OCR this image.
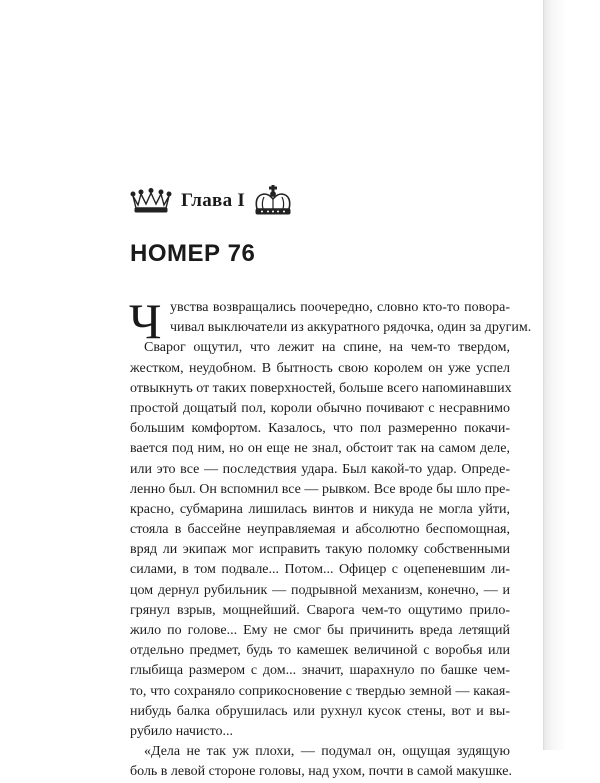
Глава I
НОМЕР 76
Ч увства возвращались поочередно, словно кто-то повора-
чивал выключатели из аккуратного рядочка, один за другим.
Сварог ощутил, что лежит на спине, на чем-то твердом,
жестком, неудобном. В бытность свою королем он уже успел
отвыкнуть от таких поверхностей, больше всего напоминавших
простой дощатый пол, короли обычно почивают с несравнимо
большим комфортом. Казалось, что пол размеренно покачи-
вается под ним, но он еще не знал, обстоит так на самом деле,
или это все — последствия удара. Был какой-то удар. Опреде-
ленно был. Он вспомнил все — рывком. Все вроде бы шло пре-
красно, субмарина лишилась винтов и никуда не могла уйти,
стояла в бассейне неуправляемая и абсолютно беспомощная,
вряд ли экипаж мог исправить такую поломку собственными
силами, в том подвале... Потом... Офицер с оцепеневшим ли-
цом дернул рубильник — подрывной механизм, конечно, — и
грянул взрыв, мощнейший. Сварога чем-то ощутимо прило-
жило по голове... Ему не смог бы причинить вреда летящий
отдельно предмет, будь то камешек величиной с воробья или
глыбища размером с дом... значит, шарахнуло по башке чем-
то, что сохраняло соприкосновение с твердью земной — какая-
нибудь балка обрушилась или рухнул кусок стены, вот и вы-
рубило начисто...
«Дела не так уж плохи, — подумал он, ощущая зудящую
боль в левой стороне головы, над ухом, почти в самой макушке.
